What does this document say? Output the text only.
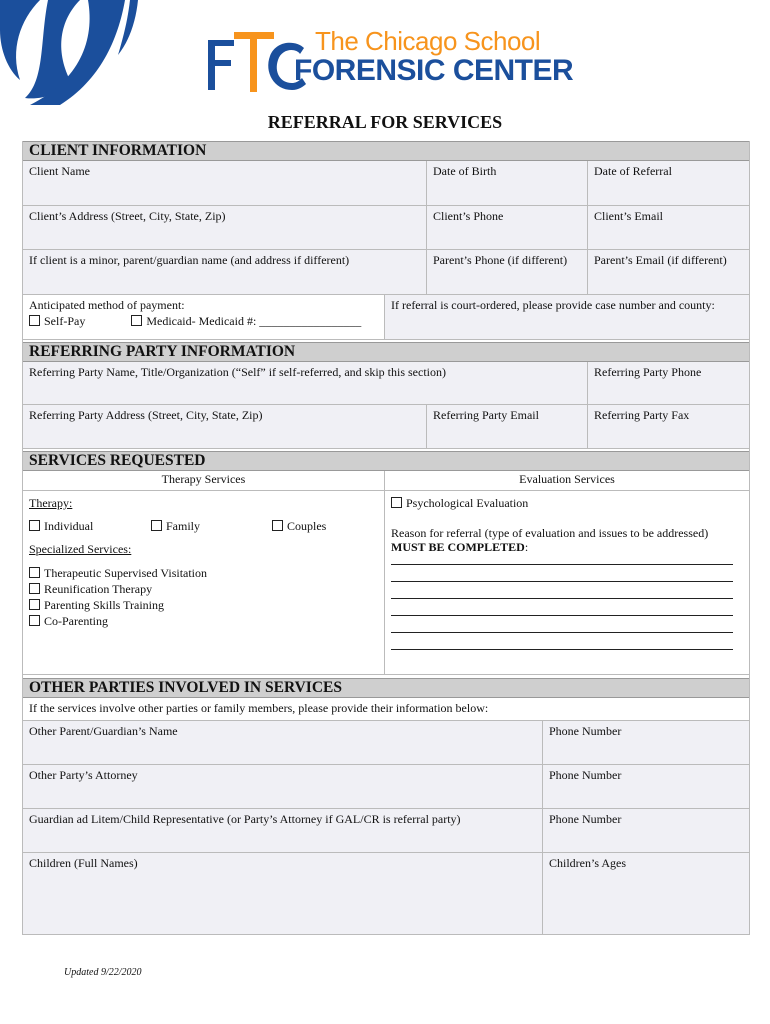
The Chicago School
FORENSIC CENTER
REFERRAL FOR SERVICES
CLIENT INFORMATION
Client Name	Date of Birth	Date of Referral
Client’s Address (Street, City, State, Zip)	Client’s Phone	Client’s Email
If client is a minor, parent/guardian name (and address if different)	Parent’s Phone (if different)	Parent’s Email (if different)
Anticipated method of payment:
Self-Pay	Medicaid- Medicaid #: _________________
If referral is court-ordered, please provide case number and county:
REFERRING PARTY INFORMATION
Referring Party Name, Title/Organization (“Self” if self-referred, and skip this section)	Referring Party Phone
Referring Party Address (Street, City, State, Zip)	Referring Party Email	Referring Party Fax
SERVICES REQUESTED
Therapy Services	Evaluation Services
Therapy:
Individual	Family	Couples
Specialized Services:
Therapeutic Supervised Visitation
Reunification Therapy
Parenting Skills Training
Co-Parenting
Psychological Evaluation
Reason for referral (type of evaluation and issues to be addressed)
MUST BE COMPLETED:
OTHER PARTIES INVOLVED IN SERVICES
If the services involve other parties or family members, please provide their information below:
Other Parent/Guardian’s Name	Phone Number
Other Party’s Attorney	Phone Number
Guardian ad Litem/Child Representative (or Party’s Attorney if GAL/CR is referral party)	Phone Number
Children (Full Names)	Children’s Ages
Updated 9/22/2020
